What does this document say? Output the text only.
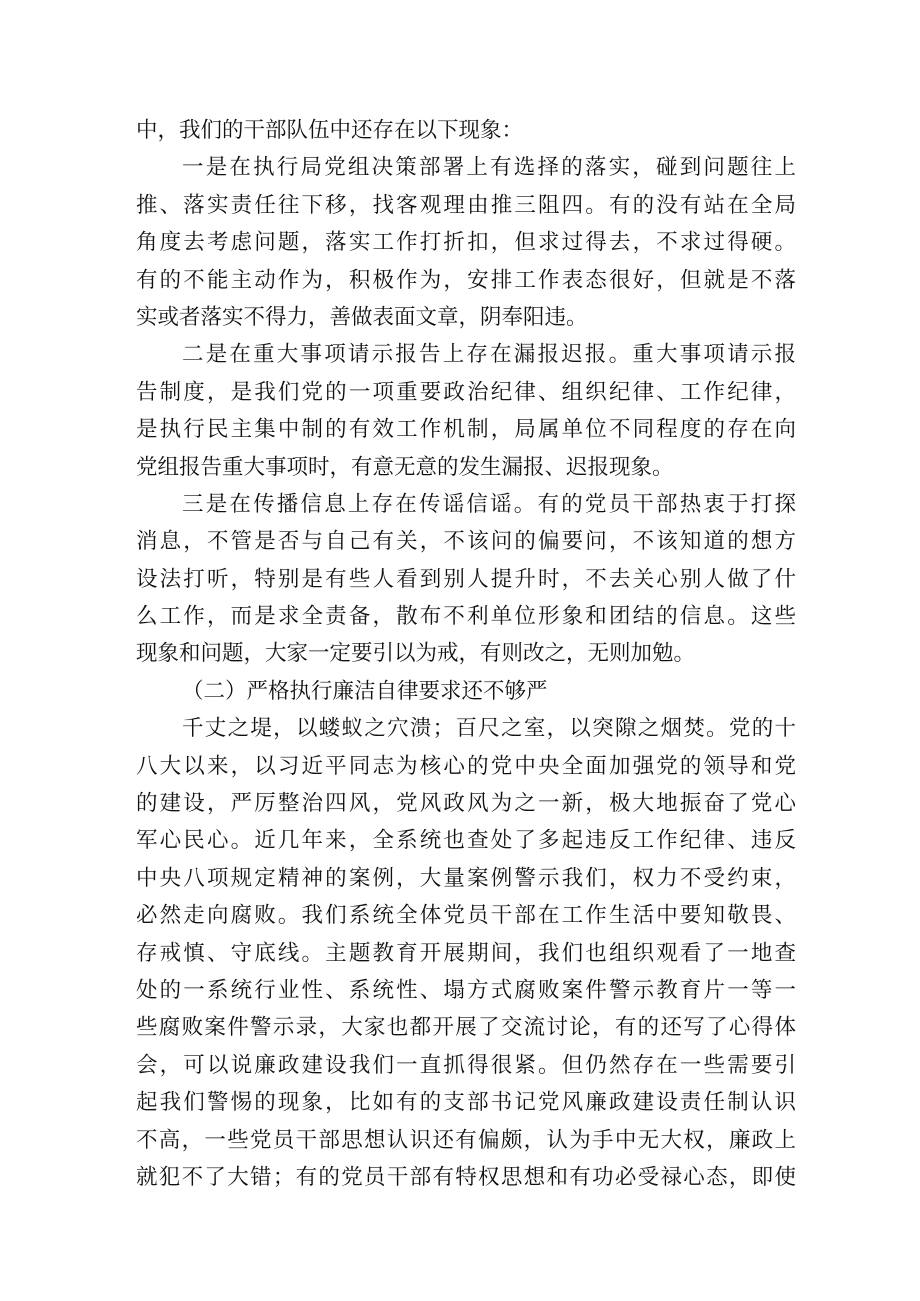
中，我们的干部队伍中还存在以下现象：
一是在执行局党组决策部署上有选择的落实，碰到问题往上
推、落实责任往下移，找客观理由推三阻四。有的没有站在全局
角度去考虑问题，落实工作打折扣，但求过得去，不求过得硬。
有的不能主动作为，积极作为，安排工作表态很好，但就是不落
实或者落实不得力，善做表面文章，阴奉阳违。
二是在重大事项请示报告上存在漏报迟报。重大事项请示报
告制度，是我们党的一项重要政治纪律、组织纪律、工作纪律，
是执行民主集中制的有效工作机制，局属单位不同程度的存在向
党组报告重大事项时，有意无意的发生漏报、迟报现象。
三是在传播信息上存在传谣信谣。有的党员干部热衷于打探
消息，不管是否与自己有关，不该问的偏要问，不该知道的想方
设法打听，特别是有些人看到别人提升时，不去关心别人做了什
么工作，而是求全责备，散布不利单位形象和团结的信息。这些
现象和问题，大家一定要引以为戒，有则改之，无则加勉。
（二）严格执行廉洁自律要求还不够严
千丈之堤，以蝼蚁之穴溃；百尺之室，以突隙之烟焚。党的十
八大以来，以习近平同志为核心的党中央全面加强党的领导和党
的建设，严厉整治四风，党风政风为之一新，极大地振奋了党心
军心民心。近几年来，全系统也查处了多起违反工作纪律、违反
中央八项规定精神的案例，大量案例警示我们，权力不受约束，
必然走向腐败。我们系统全体党员干部在工作生活中要知敬畏、
存戒慎、守底线。主题教育开展期间，我们也组织观看了一地查
处的一系统行业性、系统性、塌方式腐败案件警示教育片一等一
些腐败案件警示录，大家也都开展了交流讨论，有的还写了心得体
会，可以说廉政建设我们一直抓得很紧。但仍然存在一些需要引
起我们警惕的现象，比如有的支部书记党风廉政建设责任制认识
不高，一些党员干部思想认识还有偏颇，认为手中无大权，廉政上
就犯不了大错；有的党员干部有特权思想和有功必受禄心态，即使
